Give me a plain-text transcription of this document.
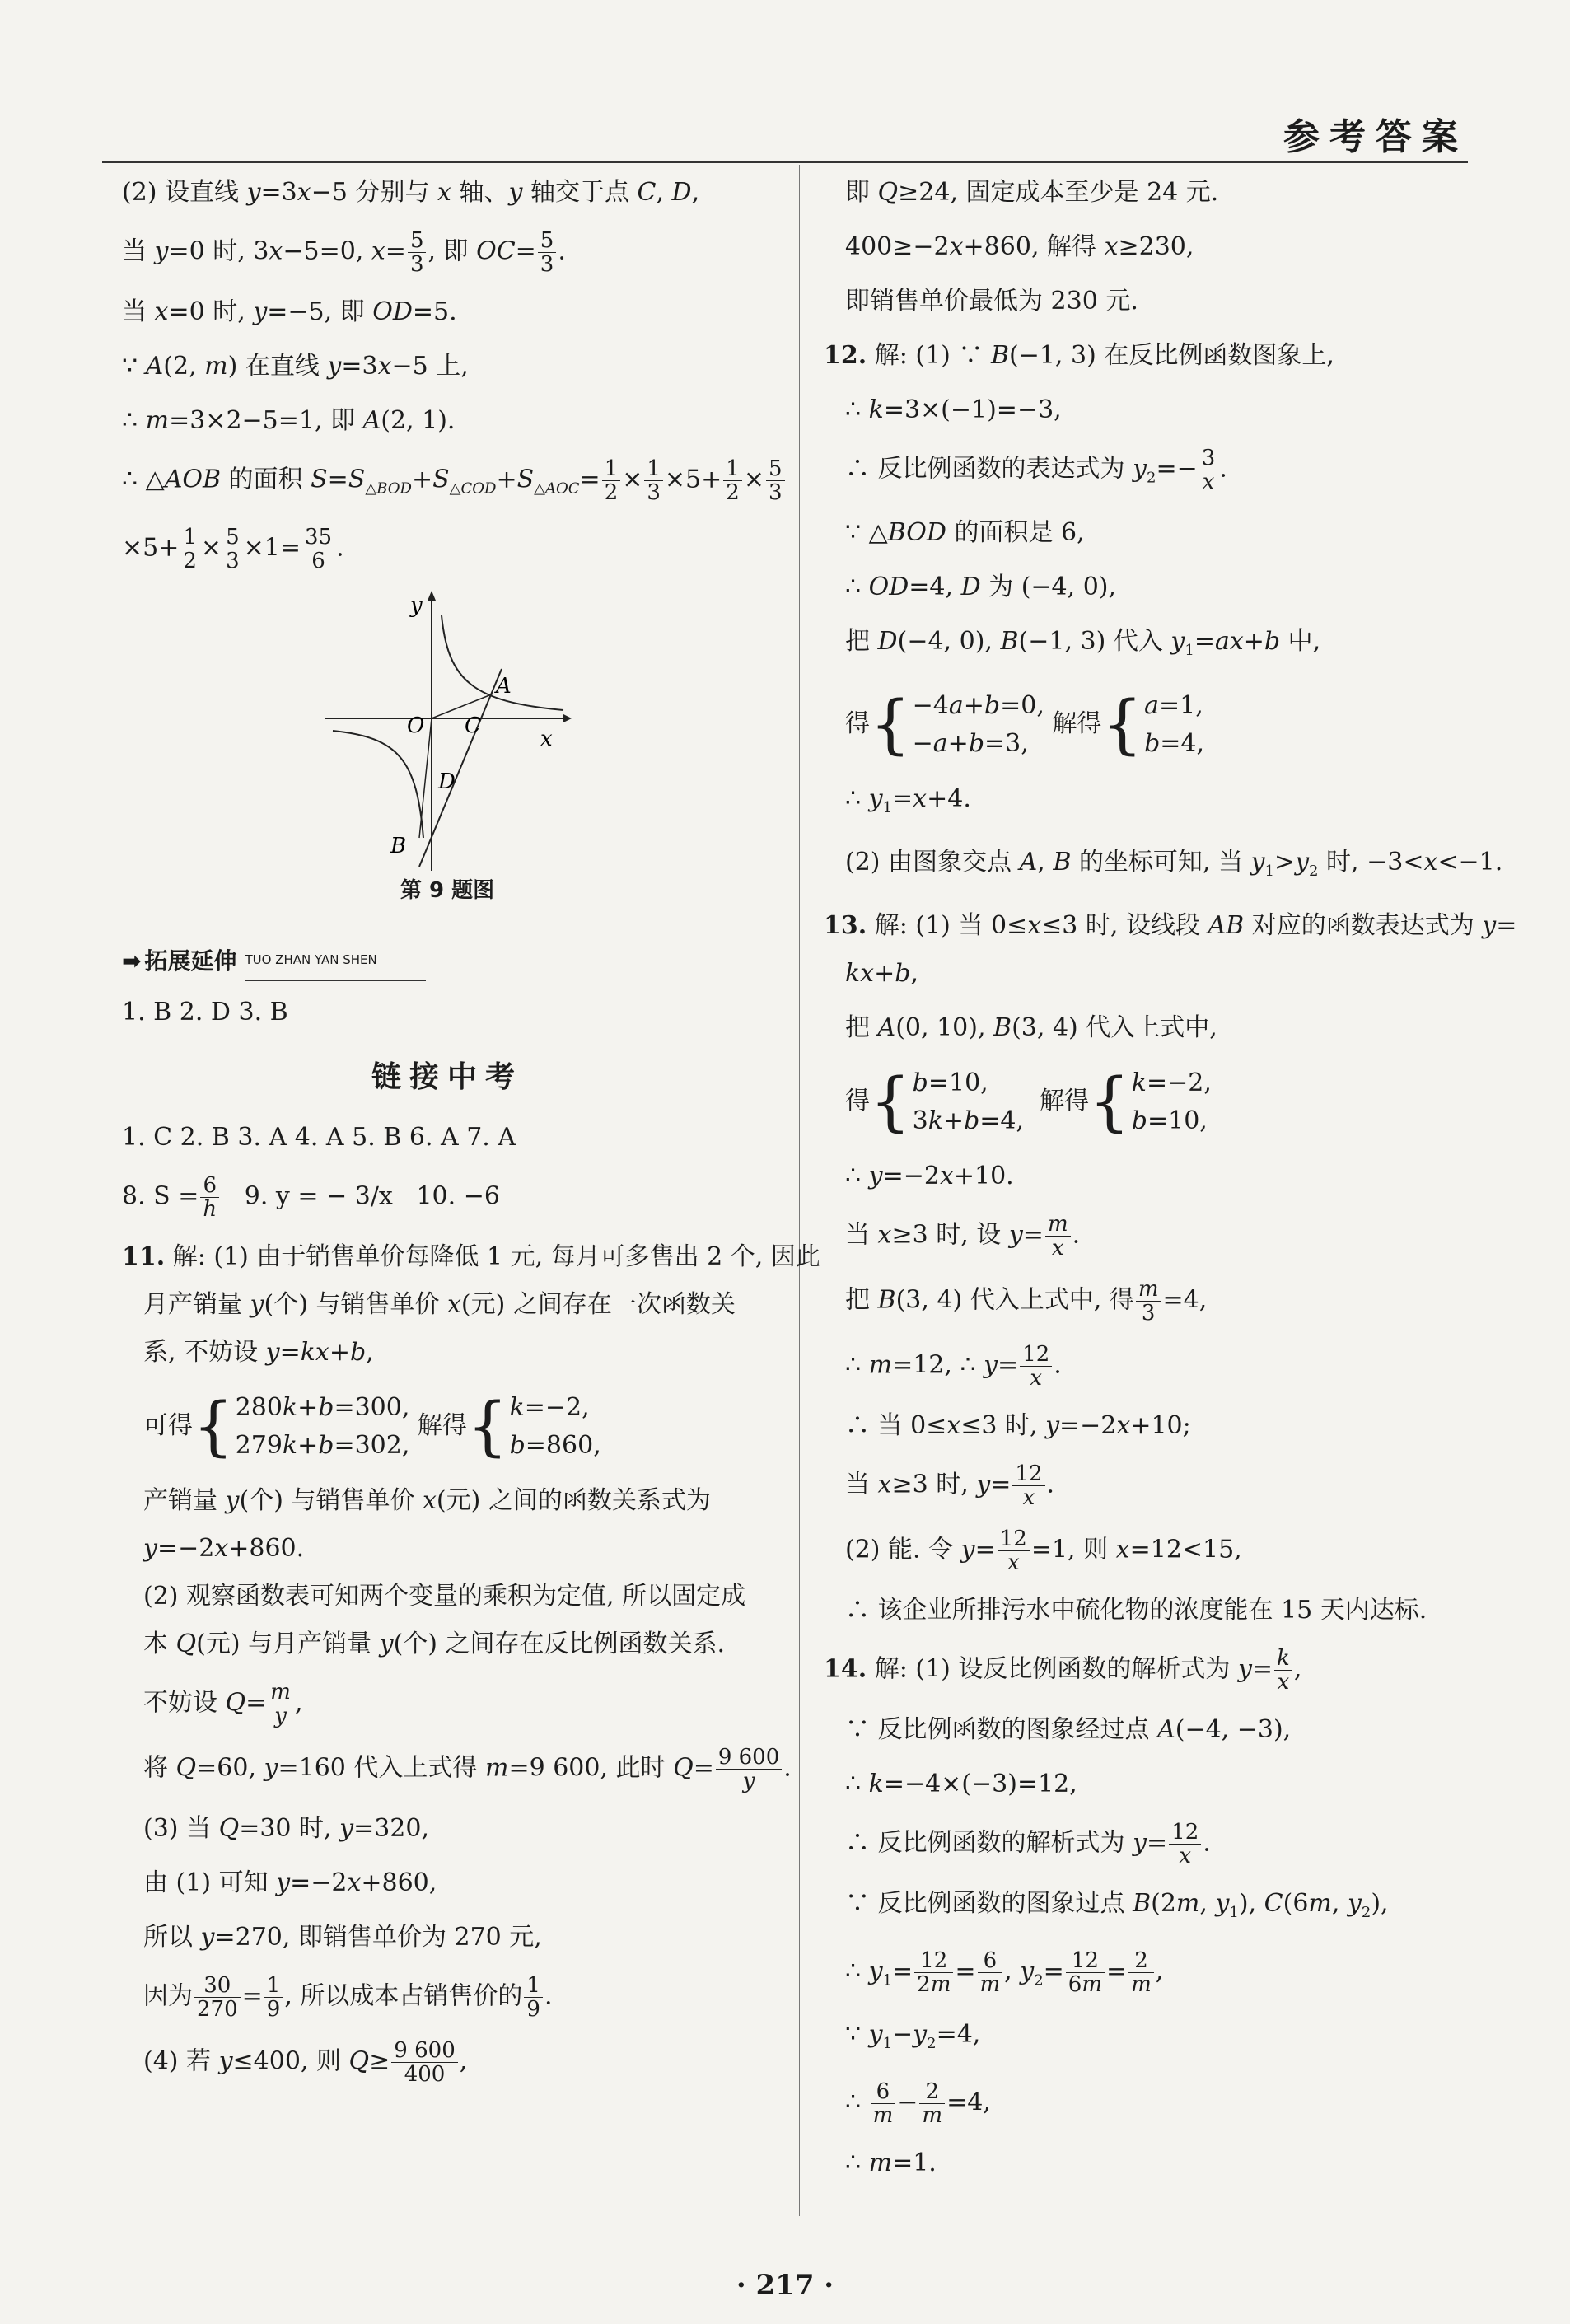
参考答案
(2) 设直线 y=3x−5 分别与 x 轴、y 轴交于点 C, D,
当 y=0 时, 3x−5=0, $x= \frac{5}{3}$ , 即 $OC= \frac{5}{3}$ .
当 x=0 时, y=−5, 即 OD=5.
∵ A(2, m) 在直线 y=3x−5 上,
∴ m=3×2−5=1, 即 A(2, 1).
∴ △AOB 的面积 $S=S_{\triangle BOD}+S_{\triangle COD}+S_{\triangle AOC}= \frac{1}{2} \times \frac{1}{3} \times 5+ \frac{1}{2} \times \frac{5}{3}$
$\times 5+ \frac{1}{2} \times \frac{5}{3} \times 1= \frac{35}{6}$ .
y
x
O
A
C
D
B
第 9 题图
➡ 拓展延伸 TUO ZHAN YAN SHEN
1. B 2. D 3. B
链接中考
1. C 2. B 3. A 4. A 5. B 6. A 7. A
8. $S = \frac{6}{h} 9$. y = − 3/x 10. −6
11. 解: (1) 由于销售单价每降低 1 元, 每月可多售出 2 个, 因此
月产销量 y(个) 与销售单价 x(元) 之间存在一次函数关
系, 不妨设 y=kx+b,
可得{ 280k+b=300,
279k+b=302,
解得{ k=−2,
b=860,
产销量 y(个) 与销售单价 x(元) 之间的函数关系式为
y=−2x+860.
(2) 观察函数表可知两个变量的乘积为定值, 所以固定成
本 Q(元) 与月产销量 y(个) 之间存在反比例函数关系.
不妨设 $Q= \frac{m}{y}$ ,
将 Q=60, y=160 代入上式得 m=9 600, 此时 $Q= \frac{9 600}{y}$ .
(3) 当 Q=30 时, y=320,
由 (1) 可知 y=−2x+860,
所以 y=270, 即销售单价为 270 元,
因为 $\frac{30}{270} = \frac{1}{9}$ , 所以成本占销售价的 $\frac{1}{9}$ .
(4) 若 y≤400, 则 $Q\ge \frac{9 600}{400}$ ,
即 Q≥24, 固定成本至少是 24 元.
400≥−2x+860, 解得 x≥230,
即销售单价最低为 230 元.
12. 解: (1) ∵ B(−1, 3) 在反比例函数图象上,
∴ k=3×(−1)=−3,
∴ 反比例函数的表达式为 $y_2=- \frac{3}{x}$ .
∵ △BOD 的面积是 6,
∴ OD=4, D 为 (−4, 0),
把 D(−4, 0), B(−1, 3) 代入 $y_1=ax+b$ 中,
得{ −4a+b=0,
−a+b=3,
解得{ a=1,
b=4,
∴ $y_1=x+4$.
(2) 由图象交点 A, B 的坐标可知, 当 $y_1>y_2$ 时, −3<x<−1.
13. 解: (1) 当 0≤x≤3 时, 设线段 AB 对应的函数表达式为 y=
kx+b,
把 A(0, 10), B(3, 4) 代入上式中,
得{ b=10,
3k+b=4,
解得{ k=−2,
b=10,
∴ y=−2x+10.
当 x≥3 时, 设 $y= \frac{m}{x}$ .
把 B(3, 4) 代入上式中, 得 $\frac{m}{3} =4$,
∴ m=12, ∴ $y= \frac{12}{x}$ .
∴ 当 0≤x≤3 时, y=−2x+10;
当 x≥3 时, $y= \frac{12}{x}$ .
(2) 能. 令 $y= \frac{12}{x} =1$, 则 x=12<15,
∴ 该企业所排污水中硫化物的浓度能在 15 天内达标.
14. 解: (1) 设反比例函数的解析式为 $y= \frac{k}{x}$ ,
∵ 反比例函数的图象经过点 A(−4, −3),
∴ k=−4×(−3)=12,
∴ 反比例函数的解析式为 $y= \frac{12}{x}$ .
∵ 反比例函数的图象过点 B(2m, $y_1$), C(6m, $y_2$),
∴ $y_1= \frac{12}{2m} = \frac{6}{m}$ , $y_2= \frac{12}{6m} = \frac{2}{m}$ ,
∵ $y_1-y_2=4$,
∴ $\frac{6}{m} - \frac{2}{m} =4$,
∴ m=1.
· 217 ·
